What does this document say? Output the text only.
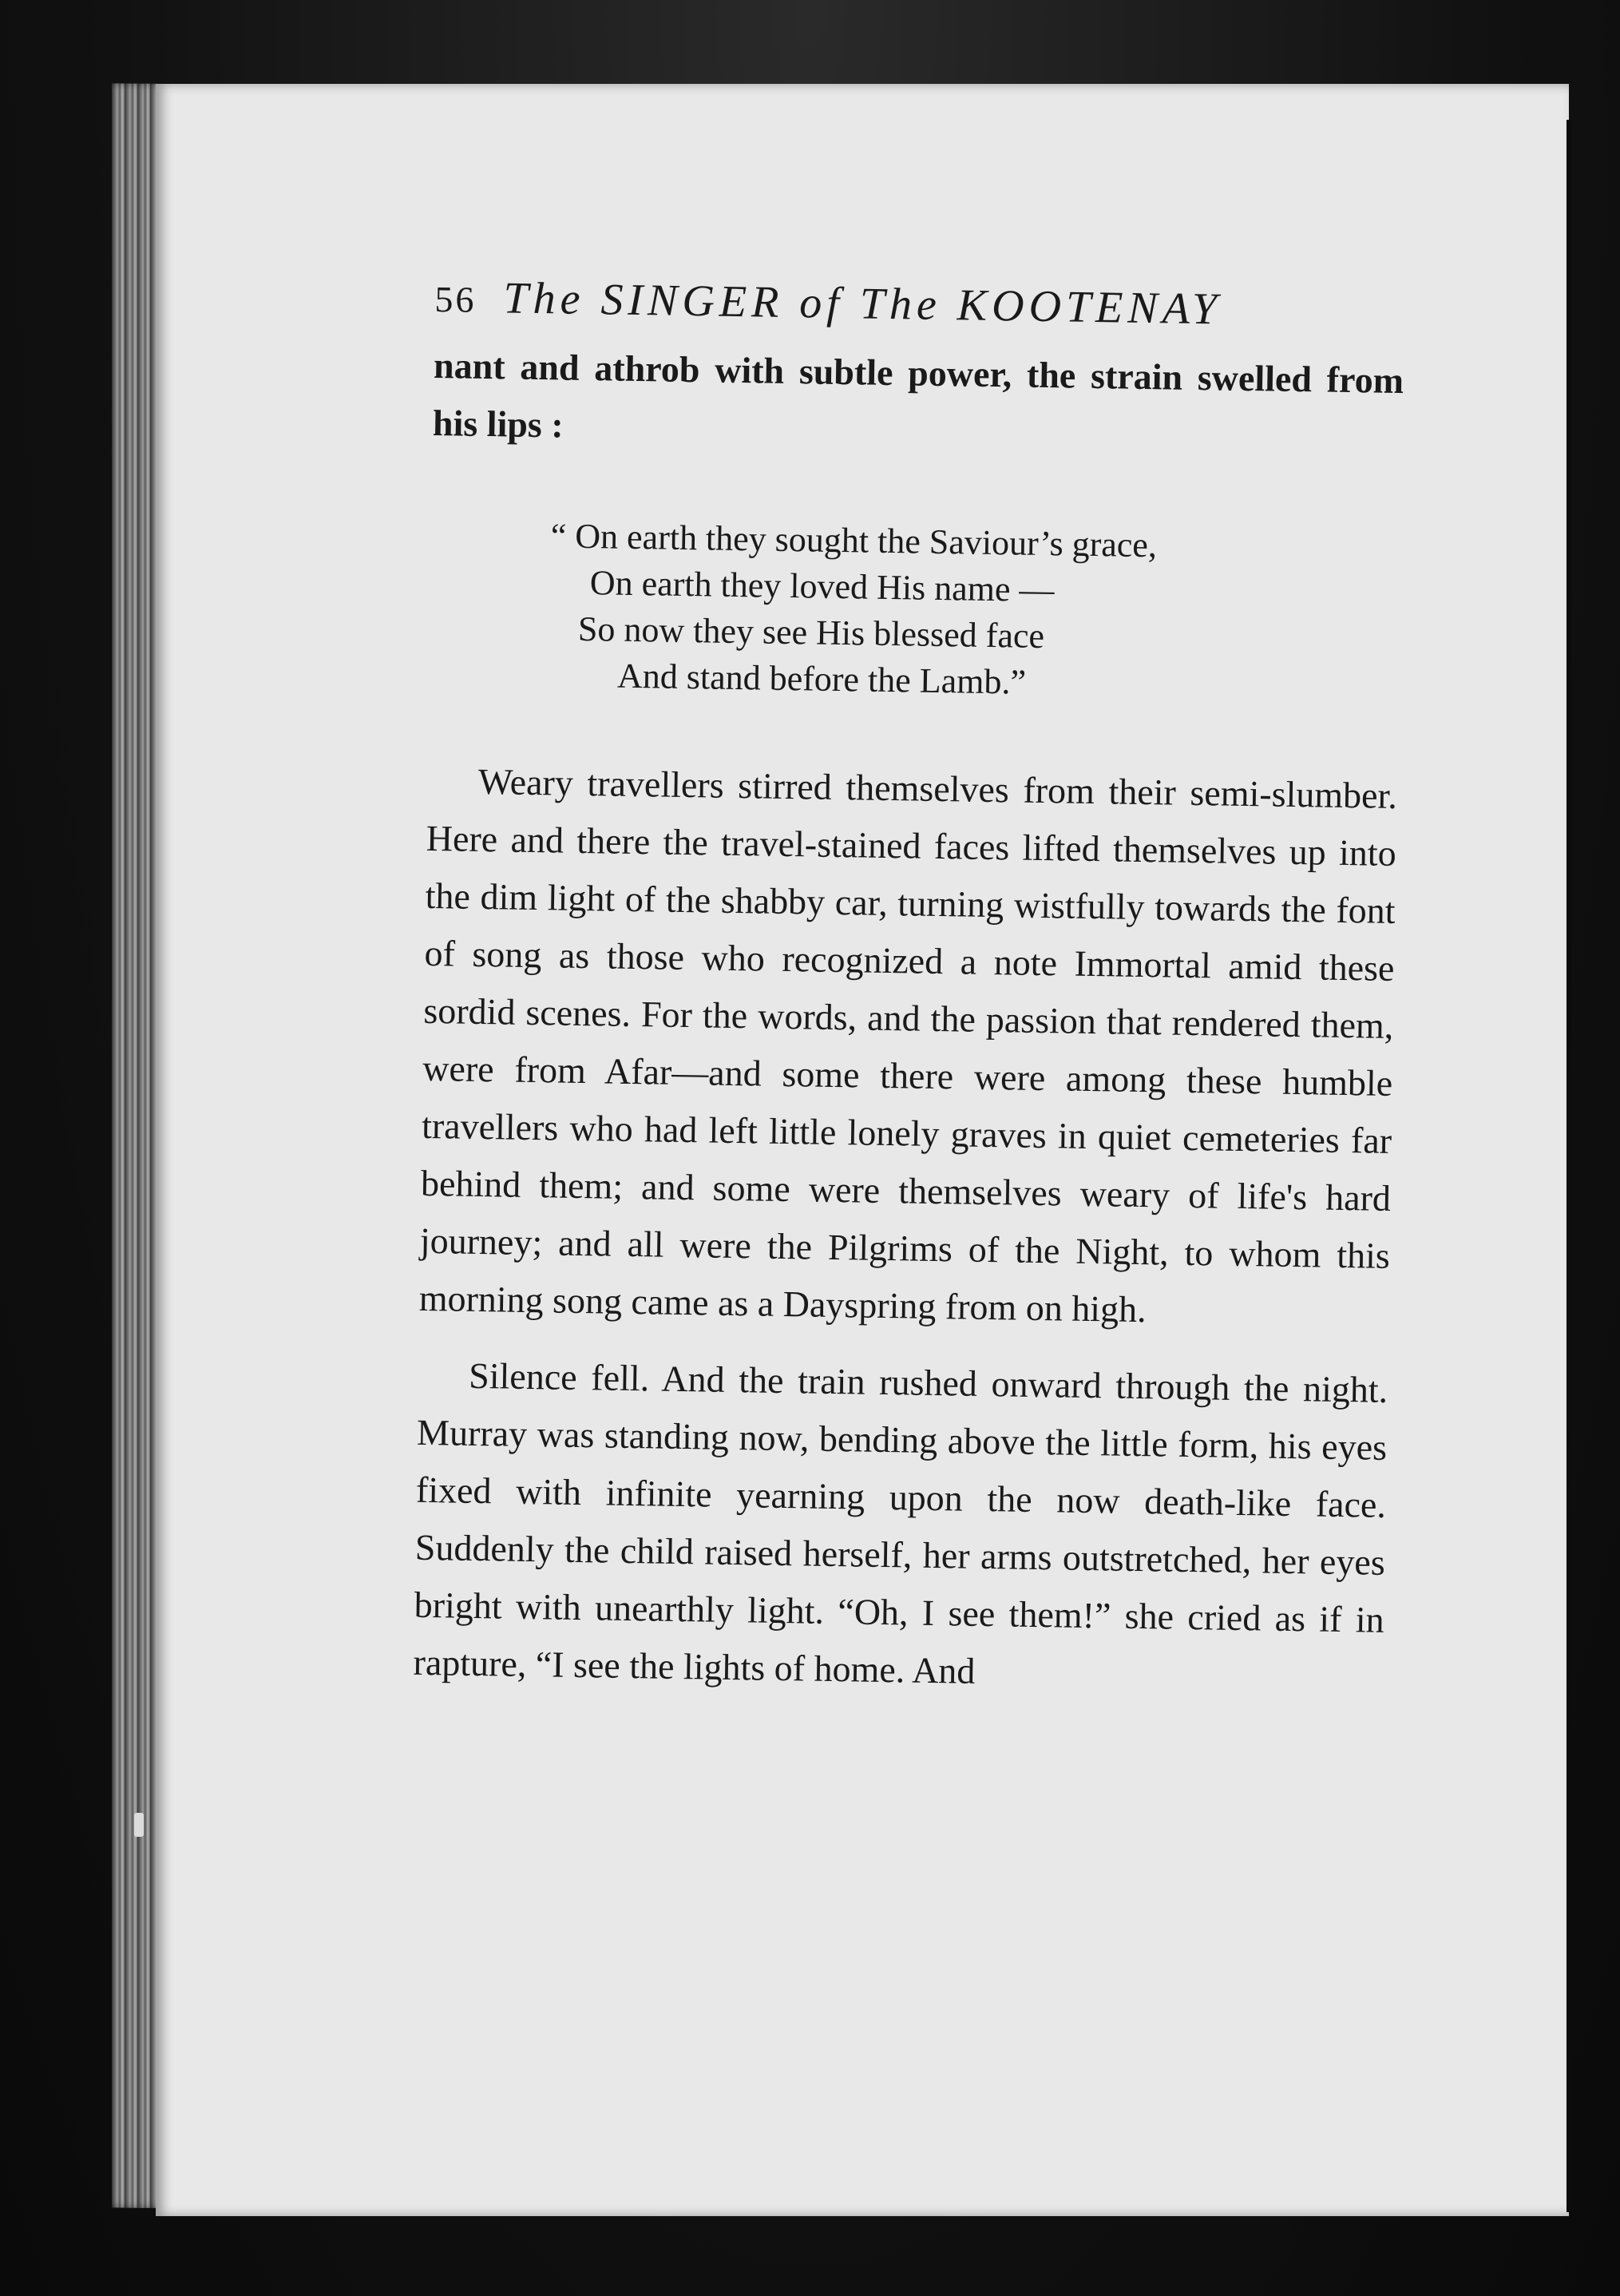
56 The SINGER of The KOOTENAY

nant and athrob with subtle power, the strain swelled from his lips :

“ On earth they sought the Saviour’s grace,
On earth they loved His name —
So now they see His blessed face
And stand before the Lamb.”

Weary travellers stirred themselves from their semi-slumber. Here and there the travel-stained faces lifted themselves up into the dim light of the shabby car, turning wistfully towards the font of song as those who recognized a note Immortal amid these sordid scenes. For the words, and the passion that rendered them, were from Afar—and some there were among these humble travellers who had left little lonely graves in quiet cemeteries far behind them; and some were themselves weary of life's hard journey; and all were the Pilgrims of the Night, to whom this morning song came as a Dayspring from on high.

Silence fell. And the train rushed onward through the night. Murray was standing now, bending above the little form, his eyes fixed with infinite yearning upon the now death-like face. Suddenly the child raised herself, her arms outstretched, her eyes bright with unearthly light. “Oh, I see them!” she cried as if in rapture, “I see the lights of home. And
